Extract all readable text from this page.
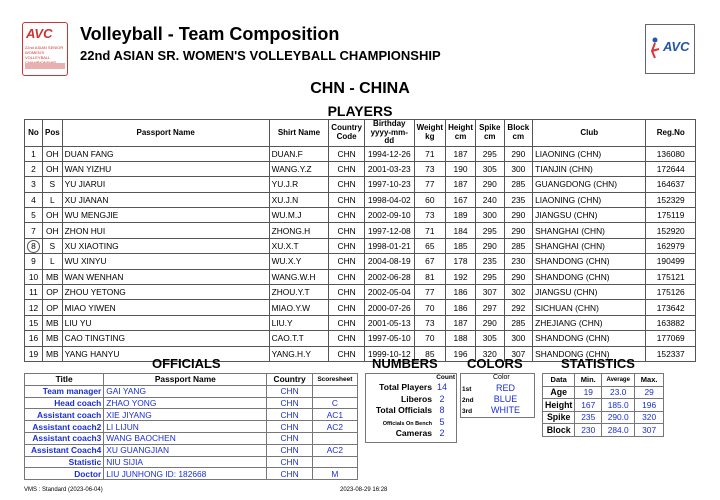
AVC
22nd ASIAN SENIOR WOMEN'S VOLLEYBALL
Volleyball - Team Composition
22nd ASIAN SR. WOMEN'S VOLLEYBALL CHAMPIONSHIP
AVC
CHN - CHINA
PLAYERS
No	Pos	Passport Name	Shirt Name	Country Code	Birthday yyyy-mm-dd	Weight kg	Height cm	Spike cm	Block cm	Club	Reg.No
1	OH	DUAN FANG	DUAN.F	CHN	1994-12-26	71	187	295	290	LIAONING (CHN)	136080
2	OH	WAN YIZHU	WANG.Y.Z	CHN	2001-03-23	73	190	305	300	TIANJIN (CHN)	172644
3	S	YU JIARUI	YU.J.R	CHN	1997-10-23	77	187	290	285	GUANGDONG (CHN)	164637
4	L	XU JIANAN	XU.J.N	CHN	1998-04-02	60	167	240	235	LIAONING (CHN)	152329
5	OH	WU MENGJIE	WU.M.J	CHN	2002-09-10	73	189	300	290	JIANGSU (CHN)	175119
7	OH	ZHON HUI	ZHONG.H	CHN	1997-12-08	71	184	295	290	SHANGHAI (CHN)	152920
8	S	XU XIAOTING	XU.X.T	CHN	1998-01-21	65	185	290	285	SHANGHAI (CHN)	162979
9	L	WU XINYU	WU.X.Y	CHN	2004-08-19	67	178	235	230	SHANDONG (CHN)	190499
10	MB	WAN WENHAN	WANG.W.H	CHN	2002-06-28	81	192	295	290	SHANDONG (CHN)	175121
11	OP	ZHOU YETONG	ZHOU.Y.T	CHN	2002-05-04	77	186	307	302	JIANGSU (CHN)	175126
12	OP	MIAO YIWEN	MIAO.Y.W	CHN	2000-07-26	70	186	297	292	SICHUAN (CHN)	173642
15	MB	LIU YU	LIU.Y	CHN	2001-05-13	73	187	290	285	ZHEJIANG (CHN)	163882
16	MB	CAO TINGTING	CAO.T.T	CHN	1997-05-10	70	188	305	300	SHANDONG (CHN)	177069
19	MB	YANG HANYU	YANG.H.Y	CHN	1999-10-12	85	196	320	307	SHANDONG (CHN)	152337
OFFICIALS	NUMBERS COLORS	STATISTICS
Title	Passport Name	Country	Scoresheet
Team manager	GAI YANG	CHN	
Head coach	ZHAO YONG	CHN	C
Assistant coach	XIE JIYANG	CHN	AC1
Assistant coach2	LI LIJUN	CHN	AC2
Assistant coach3	WANG BAOCHEN	CHN	
Assistant Coach4	XU GUANGJIAN	CHN	AC2
Statistic	NIU SIJIA	CHN	
Doctor	LIU JUNHONG ID: 182668	CHN	M
Count
Total Players 14
Liberos 2
Total Officials 8
Officials On Bench 5
Cameras 2
Color
1st	RED
2nd BLUE
3rd WHITE
Data	Min.	Average	Max.
Age	19	23.0	29
Height	167	185.0	196
Spike	235	290.0	320
Block	230	284.0	307
VMS : Standard (2023-06-04)	2023-08-29 16:28
